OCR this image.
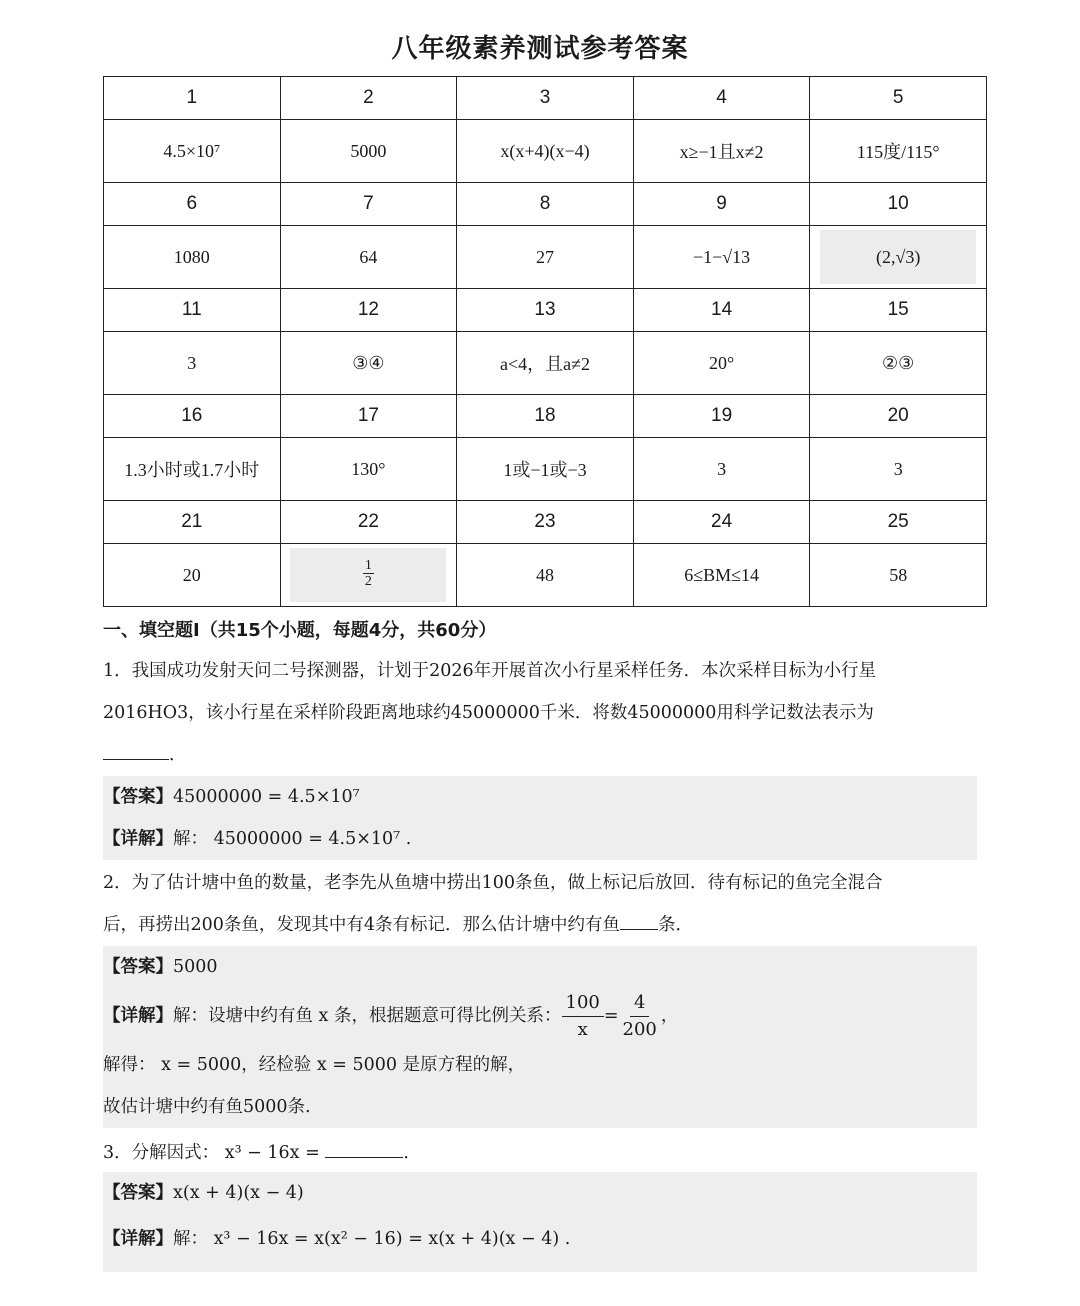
八年级素养测试参考答案
1	2	3	4	5
4.5×10⁷	5000	x(x+4)(x−4)	x≥−1且x≠2	115度/115°
6	7	8	9	10
1080	64	27	−1−√13	(2,√3)
11	12	13	14	15
3	③④	a<4，且a≠2	20°	②③
16	17	18	19	20
1.3小时或1.7小时	130°	1或−1或−3	3	3
21	22	23	24	25
20	$\frac{1}{2}$	48	6≤BM≤14	58
一、填空题Ⅰ（共15个小题，每题4分，共60分）
1．我国成功发射天问二号探测器，计划于2026年开展首次小行星采样任务．本次采样目标为小行星
2016HO3，该小行星在采样阶段距离地球约45000000千米．将数45000000用科学记数法表示为
．
【答案】45000000 = 4.5×10⁷
【详解】解： 45000000 = 4.5×10⁷ .
2．为了估计塘中鱼的数量，老李先从鱼塘中捞出100条鱼，做上标记后放回．待有标记的鱼完全混合
后，再捞出200条鱼，发现其中有4条有标记．那么估计塘中约有鱼 条．
【答案】5000
【详解】解：设塘中约有鱼 x 条，根据题意可得比例关系： $\frac{100}{x} = \frac{4}{200}$ ，
解得： x = 5000，经检验 x = 5000 是原方程的解，
故估计塘中约有鱼5000条.
3．分解因式： x³ − 16x =	．
【答案】x(x + 4)(x − 4)
【详解】解： x³ − 16x = x(x² − 16) = x(x + 4)(x − 4) .
